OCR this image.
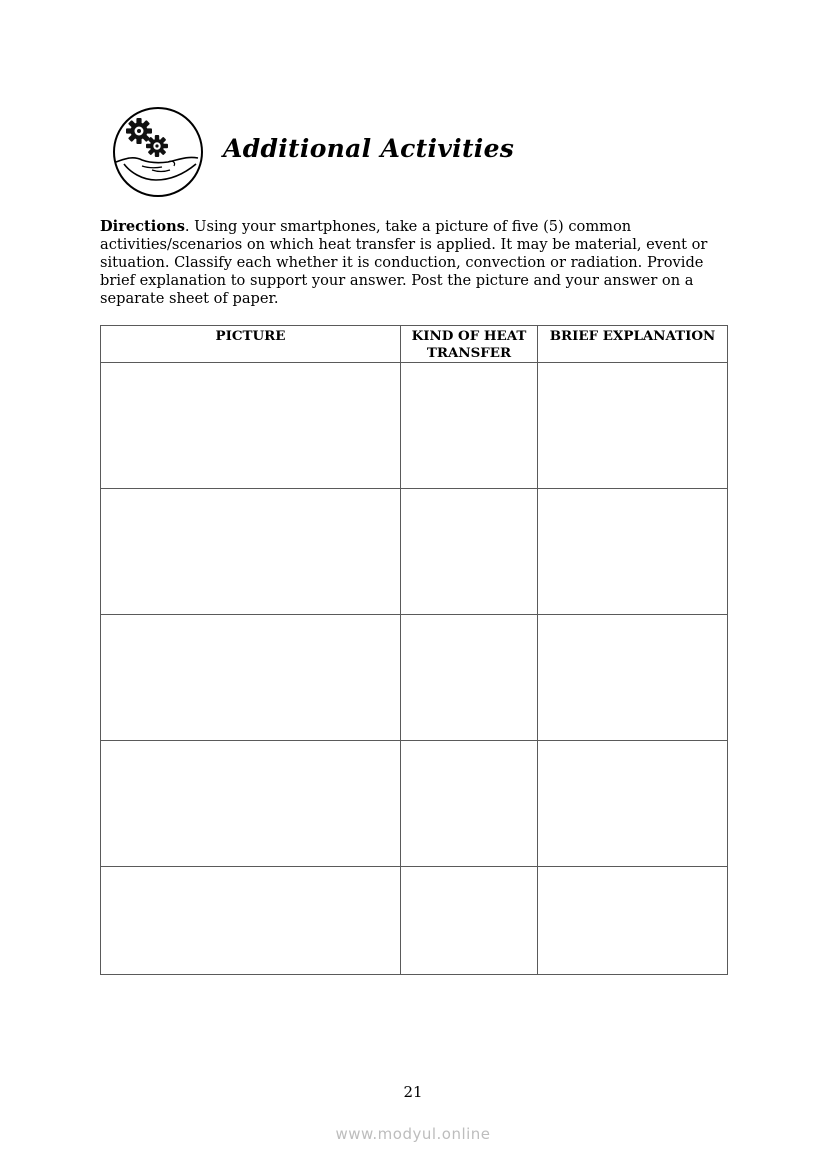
Additional Activities

Directions. Using your smartphones, take a picture of five (5) common activities/scenarios on which heat transfer is applied. It may be material, event or situation. Classify each whether it is conduction, convection or radiation. Provide brief explanation to support your answer. Post the picture and your answer on a separate sheet of paper.

PICTURE	KIND OF HEAT TRANSFER	BRIEF EXPLANATION

21

www.modyul.online
